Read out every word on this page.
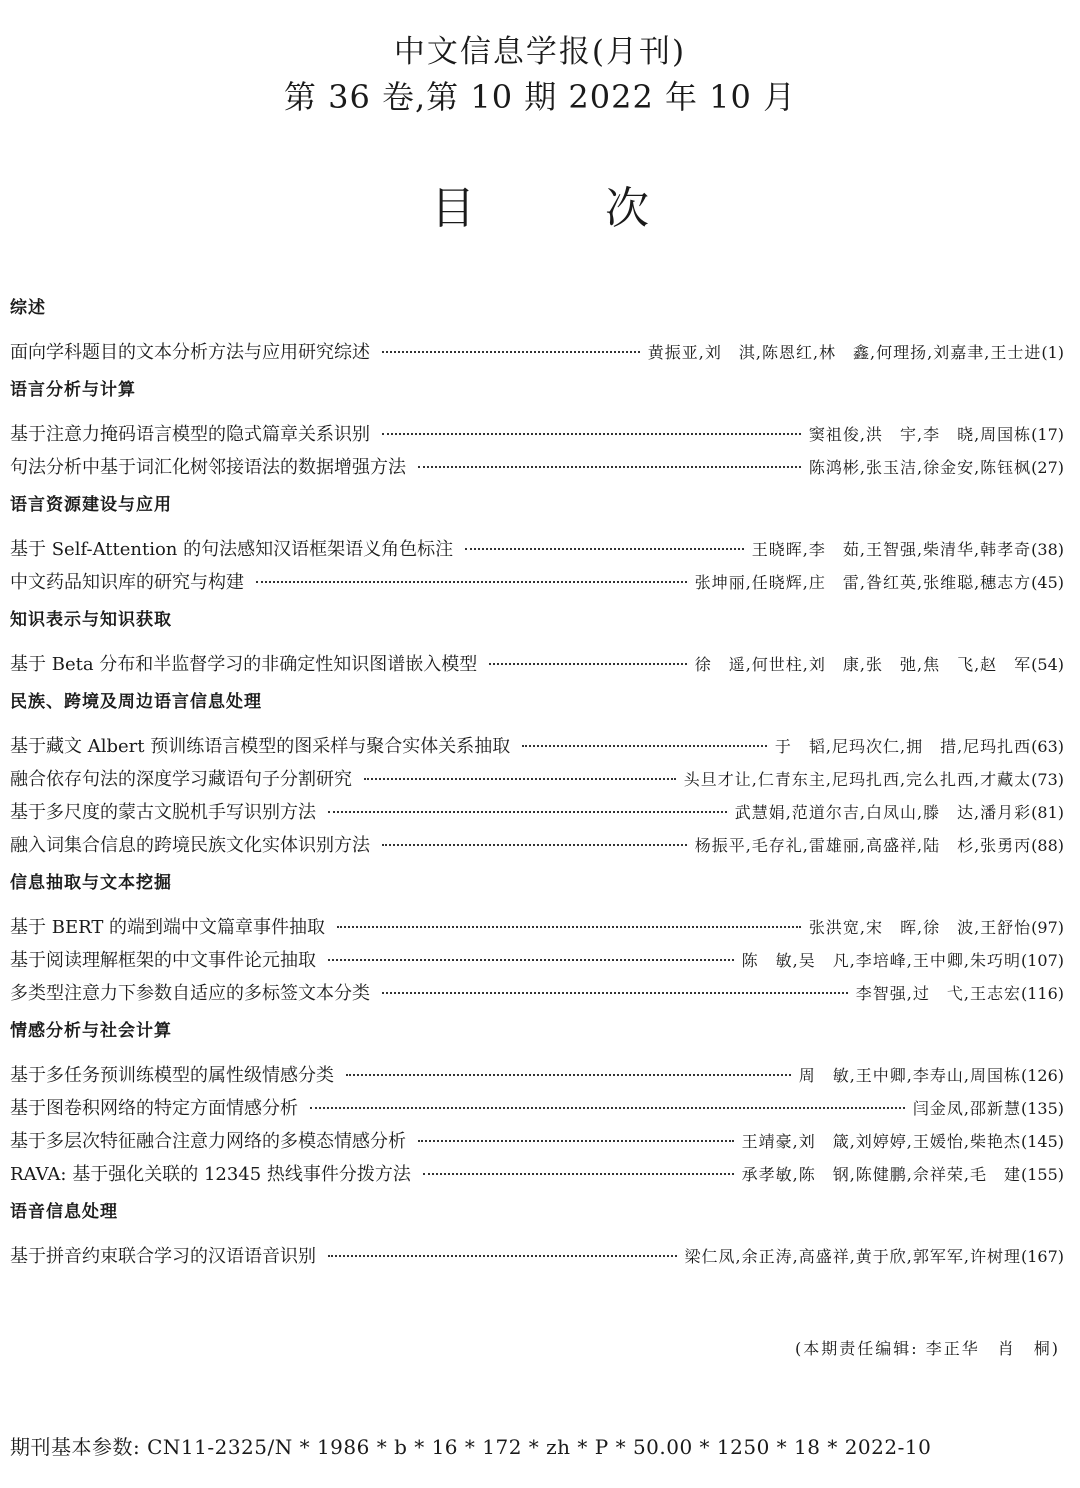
中文信息学报(月刊)
第 36 卷,第 10 期 2022 年 10 月
目	次
综述
面向学科题目的文本分析方法与应用研究综述	黄振亚,刘　淇,陈恩红,林　鑫,何理扬,刘嘉聿,王士进 (1)
语言分析与计算
基于注意力掩码语言模型的隐式篇章关系识别	窦祖俊,洪　宇,李　晓,周国栋 (17)
句法分析中基于词汇化树邻接语法的数据增强方法	陈鸿彬,张玉洁,徐金安,陈钰枫 (27)
语言资源建设与应用
基于 Self-Attention 的句法感知汉语框架语义角色标注	王晓晖,李　茹,王智强,柴清华,韩孝奇 (38)
中文药品知识库的研究与构建	张坤丽,任晓辉,庄　雷,昝红英,张维聪,穗志方 (45)
知识表示与知识获取
基于 Beta 分布和半监督学习的非确定性知识图谱嵌入模型	徐　遥,何世柱,刘　康,张　弛,焦　飞,赵　军 (54)
民族、跨境及周边语言信息处理
基于藏文 Albert 预训练语言模型的图采样与聚合实体关系抽取	于　韬,尼玛次仁,拥　措,尼玛扎西 (63)
融合依存句法的深度学习藏语句子分割研究	头旦才让,仁青东主,尼玛扎西,完么扎西,才藏太 (73)
基于多尺度的蒙古文脱机手写识别方法	武慧娟,范道尔吉,白凤山,滕　达,潘月彩 (81)
融入词集合信息的跨境民族文化实体识别方法	杨振平,毛存礼,雷雄丽,高盛祥,陆　杉,张勇丙 (88)
信息抽取与文本挖掘
基于 BERT 的端到端中文篇章事件抽取	张洪宽,宋　晖,徐　波,王舒怡 (97)
基于阅读理解框架的中文事件论元抽取	陈　敏,吴　凡,李培峰,王中卿,朱巧明 (107)
多类型注意力下参数自适应的多标签文本分类	李智强,过　弋,王志宏 (116)
情感分析与社会计算
基于多任务预训练模型的属性级情感分类	周　敏,王中卿,李寿山,周国栋 (126)
基于图卷积网络的特定方面情感分析	闫金凤,邵新慧 (135)
基于多层次特征融合注意力网络的多模态情感分析	王靖豪,刘　箴,刘婷婷,王媛怡,柴艳杰 (145)
RAVA: 基于强化关联的 12345 热线事件分拨方法	承孝敏,陈　钢,陈健鹏,佘祥荣,毛　建 (155)
语音信息处理
基于拼音约束联合学习的汉语语音识别	梁仁凤,余正涛,高盛祥,黄于欣,郭军军,许树理 (167)
(本期责任编辑: 李正华　肖　桐)
期刊基本参数: CN11-2325/N * 1986 * b * 16 * 172 * zh * P * 50.00 * 1250 * 18 * 2022-10
